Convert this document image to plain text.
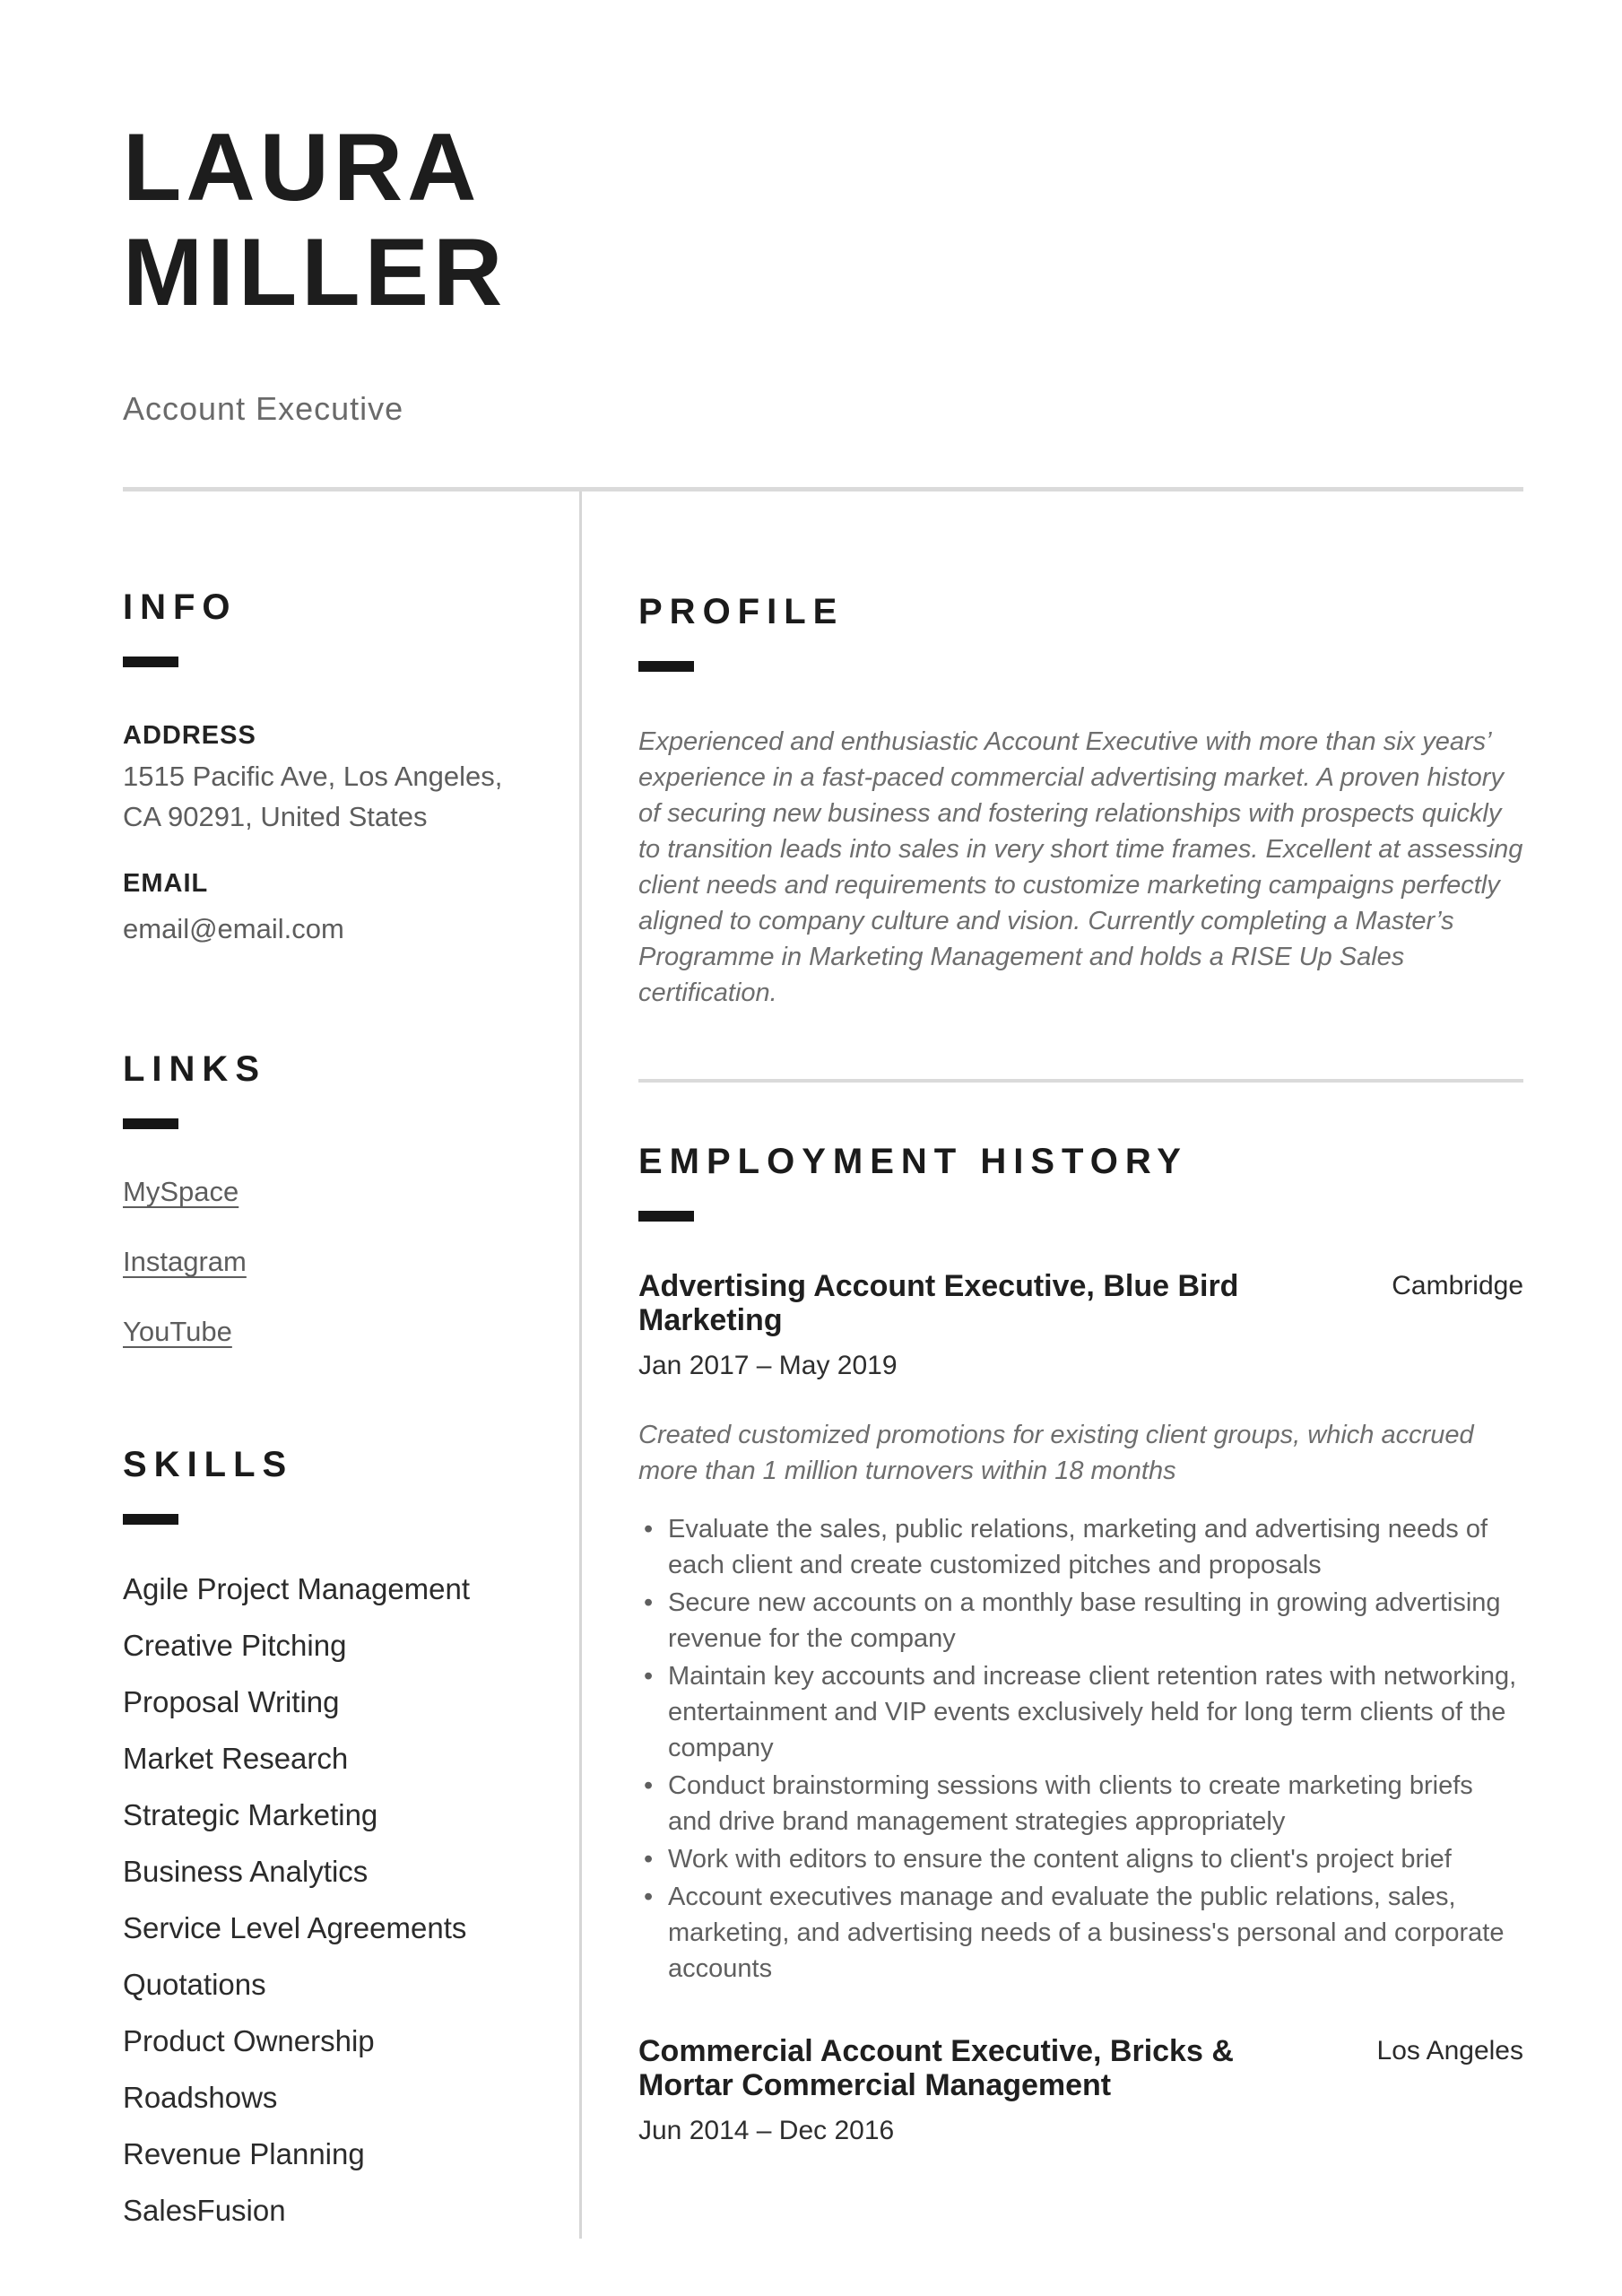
LAURA
MILLER
Account Executive
INFO
ADDRESS
1515 Pacific Ave, Los Angeles,
CA 90291, United States
EMAIL
email@email.com
LINKS
MySpace
Instagram
YouTube
SKILLS
Agile Project Management
Creative Pitching
Proposal Writing
Market Research
Strategic Marketing
Business Analytics
Service Level Agreements
Quotations
Product Ownership
Roadshows
Revenue Planning
SalesFusion
PROFILE

Experienced and enthusiastic Account Executive with more than six years’ experience in a fast-paced commercial advertising market. A proven history of securing new business and fostering relationships with prospects quickly to transition leads into sales in very short time frames. Excellent at assessing client needs and requirements to customize marketing campaigns perfectly aligned to company culture and vision. Currently completing a Master’s Programme in Marketing Management and holds a RISE Up Sales certification.

EMPLOYMENT HISTORY
Advertising Account Executive, Blue Bird Marketing
Cambridge
Jan 2017 – May 2019

Created customized promotions for existing client groups, which accrued more than 1 million turnovers within 18 months

• Evaluate the sales, public relations, marketing and advertising needs of each client and create customized pitches and proposals
• Secure new accounts on a monthly base resulting in growing advertising revenue for the company
• Maintain key accounts and increase client retention rates with networking, entertainment and VIP events exclusively held for long term clients of the company
• Conduct brainstorming sessions with clients to create marketing briefs and drive brand management strategies appropriately
• Work with editors to ensure the content aligns to client's project brief
• Account executives manage and evaluate the public relations, sales, marketing, and advertising needs of a business's personal and corporate accounts
Commercial Account Executive, Bricks & Mortar Commercial Management
Los Angeles
Jun 2014 – Dec 2016
